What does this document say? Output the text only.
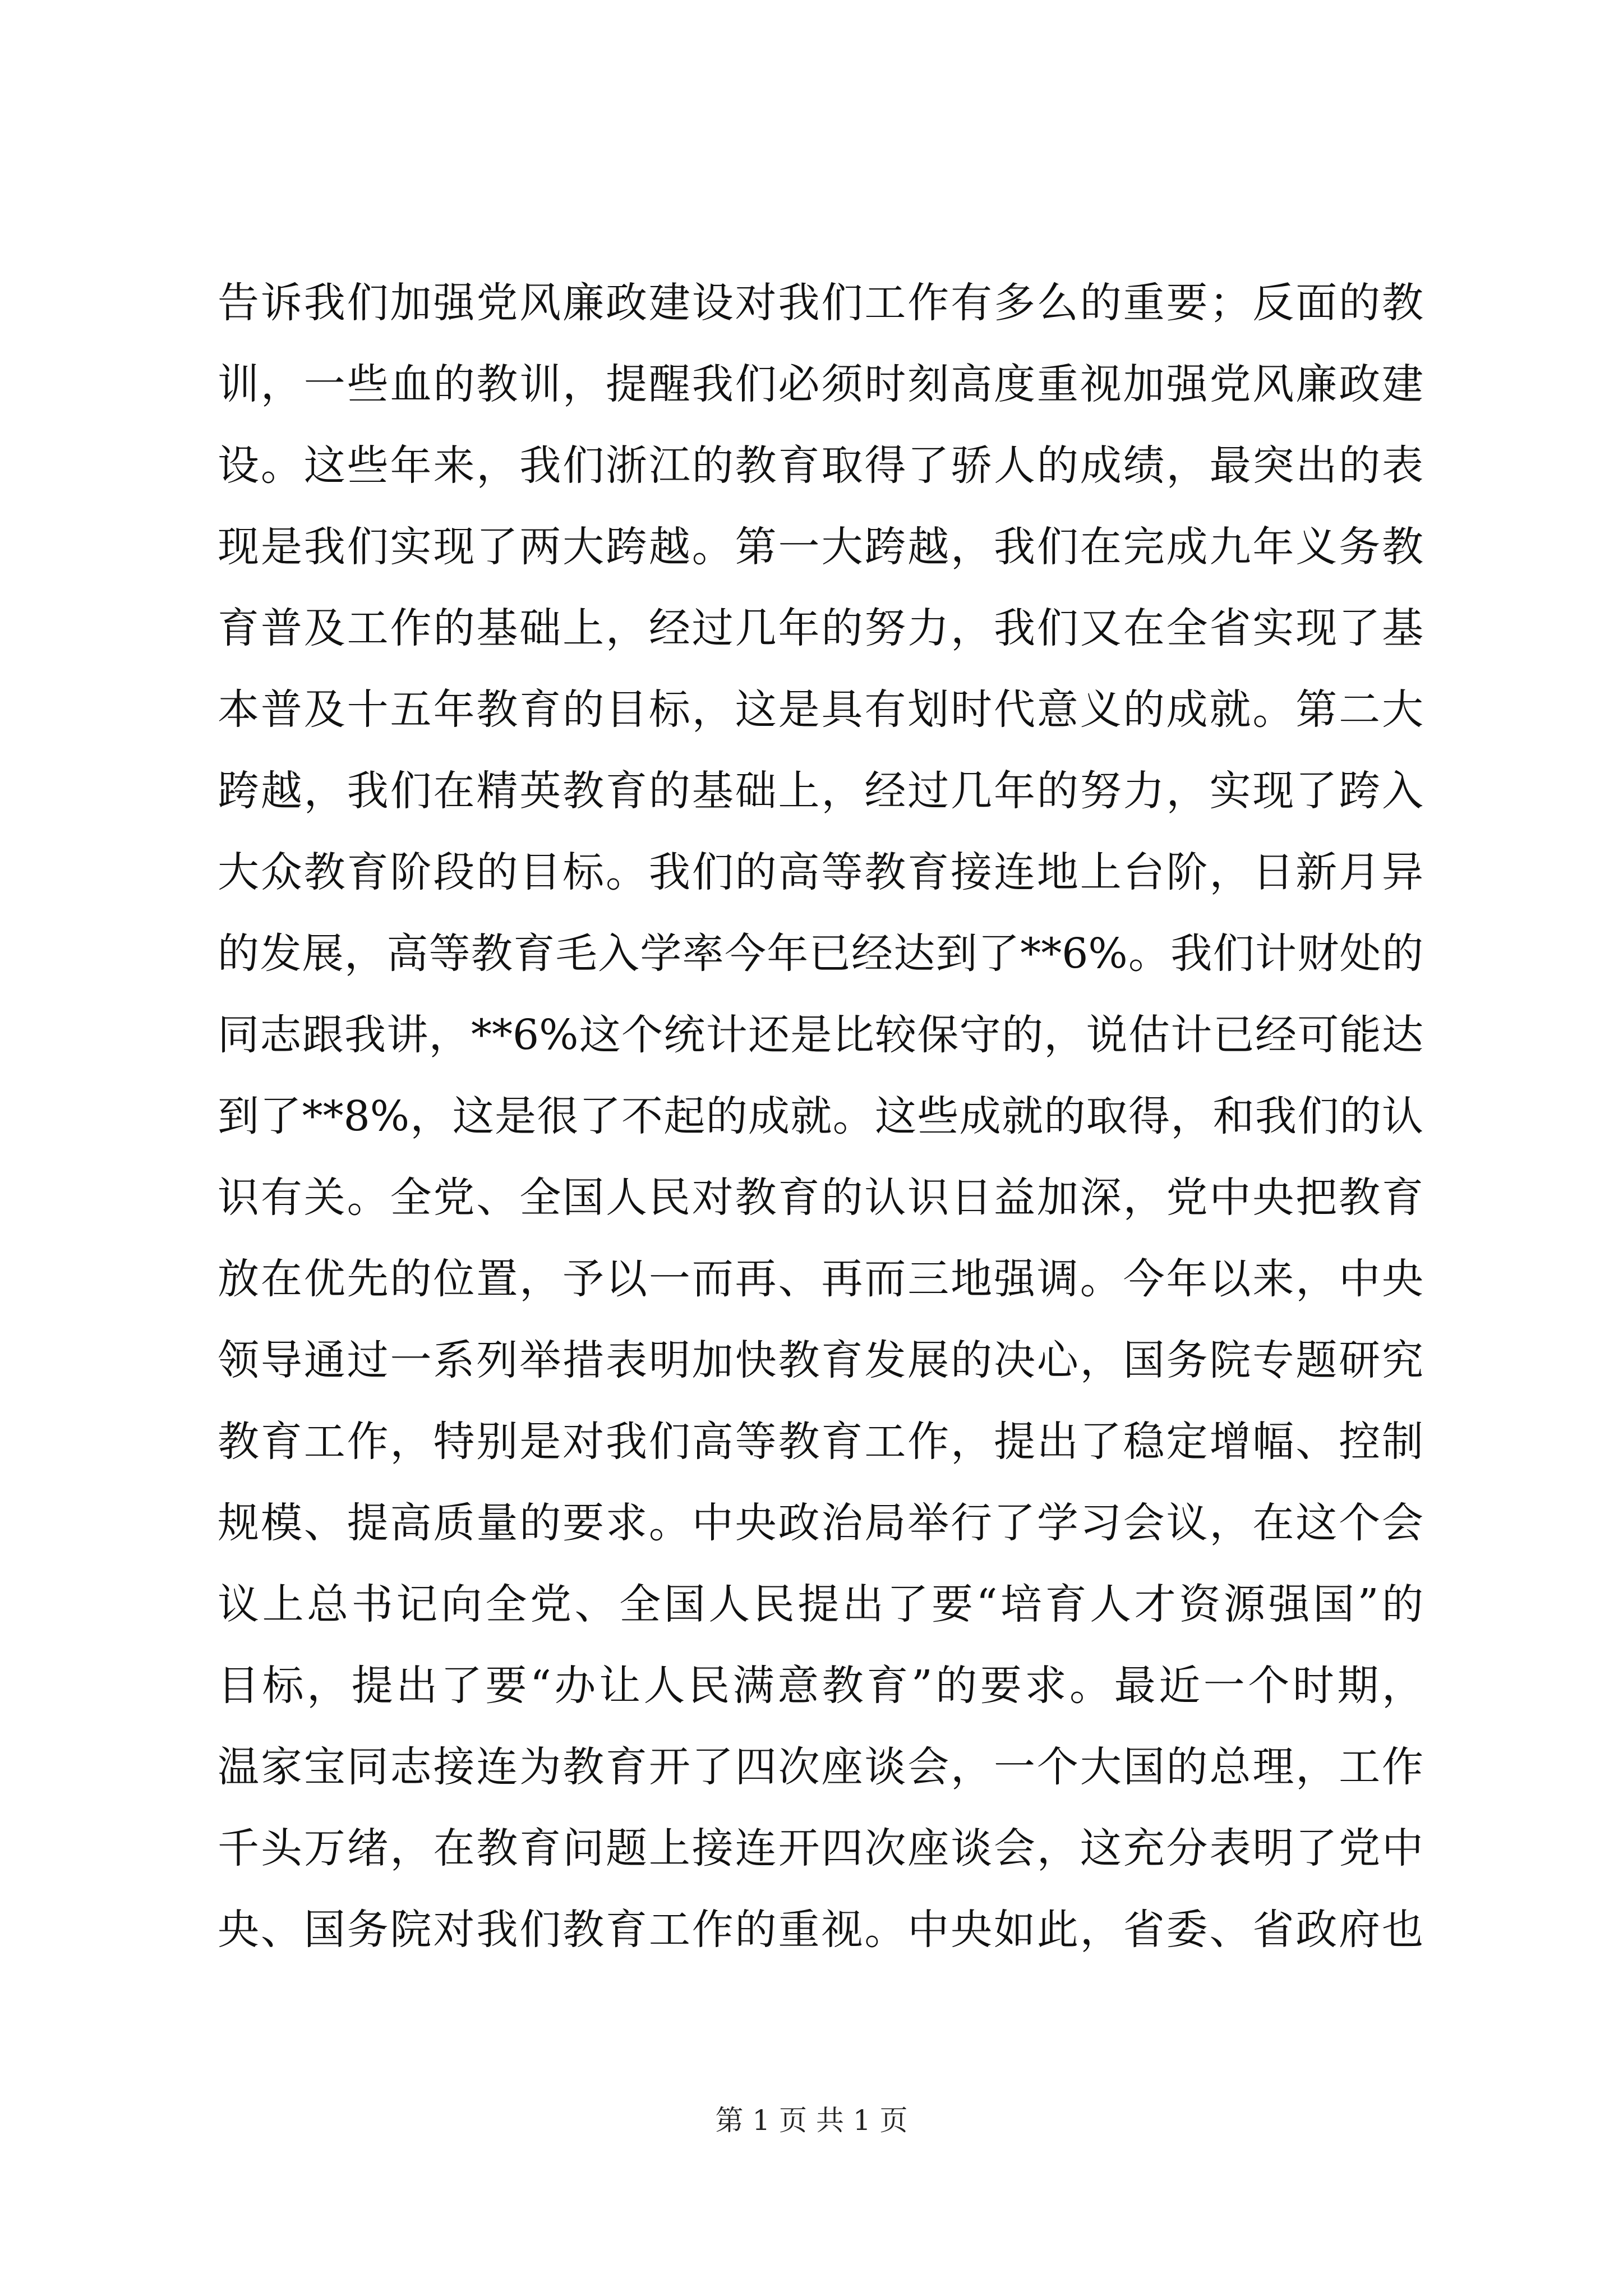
告诉我们加强党风廉政建设对我们工作有多么的重要；反面的教
训，一些血的教训，提醒我们必须时刻高度重视加强党风廉政建
设。这些年来，我们浙江的教育取得了骄人的成绩，最突出的表
现是我们实现了两大跨越。第一大跨越，我们在完成九年义务教
育普及工作的基础上，经过几年的努力，我们又在全省实现了基
本普及十五年教育的目标，这是具有划时代意义的成就。第二大
跨越，我们在精英教育的基础上，经过几年的努力，实现了跨入
大众教育阶段的目标。我们的高等教育接连地上台阶，日新月异
的发展，高等教育毛入学率今年已经达到了**6%。我们计财处的
同志跟我讲，**6%这个统计还是比较保守的，说估计已经可能达
到了**8%，这是很了不起的成就。这些成就的取得，和我们的认
识有关。全党、全国人民对教育的认识日益加深，党中央把教育
放在优先的位置，予以一而再、再而三地强调。今年以来，中央
领导通过一系列举措表明加快教育发展的决心，国务院专题研究
教育工作，特别是对我们高等教育工作，提出了稳定增幅、控制
规模、提高质量的要求。中央政治局举行了学习会议，在这个会
议上总书记向全党、全国人民提出了要“培育人才资源强国”的
目标，提出了要“办让人民满意教育”的要求。最近一个时期，
温家宝同志接连为教育开了四次座谈会，一个大国的总理，工作
千头万绪，在教育问题上接连开四次座谈会，这充分表明了党中
央、国务院对我们教育工作的重视。中央如此，省委、省政府也
第 1 页 共 1 页
